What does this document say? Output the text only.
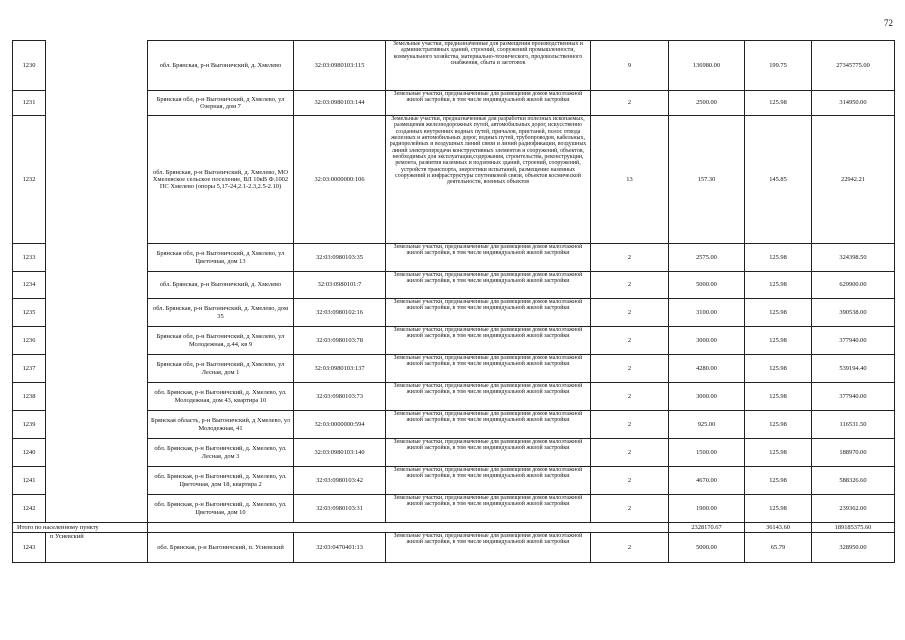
72
1230		обл. Брянская, р-н Выгоничский, д. Хмелево	32:03:0980103:115	Земельные участки, предназначенные для размещения производственных и административных зданий, строений, сооружений промышленности, коммунального хозяйства, материально-технического, продовольственного снабжения, сбыта и заготовок	9	136980.00	199.75	27345775.00
1231		Брянская обл, р-н Выгоничский, д Хмелево, ул Озерная, дом 7	32:03:0980103:144	Земельные участки, предназначенные для размещения домов малоэтажной жилой застройки, в том числе индивидуальной жилой застройки	2	2500.00	125.98	314950.00
1232		обл. Брянская, р-н Выгоничский, д. Хмелево, МО Хмелевское сельское поселение, ВЛ 10кВ Ф.1002 ПС Хмелево (опоры 5,17-24,2.1-2.3,2.5-2.10)	32:03:0000000:106	Земельные участки, предназначенные для разработки полезных ископаемых, размещения железнодорожных путей, автомобильных дорог, искусственно созданных внутренних водных путей, причалов, пристаней, полос отвода железных и автомобильных дорог, водных путей, трубопроводов, кабельных, радиорелейных и воздушных линий связи и линий радиофикации, воздушных линий электропередачи конструктивных элементов и сооружений, объектов, необходимых для эксплуатации,содержания, строительства, реконструкции, ремонта, развития наземных и подземных зданий, строений, сооружений, устройств транспорта, энергетики испытаний, размещение наземных сооружений и инфраструктуры спутниковой связи, объектов космической деятельности, военных объектов	13	157.30	145.85	22942.21
1233		Брянская обл, р-н Выгоничский, д Хмелево, ул Цветочная, дом 13	32:03:0980103:35	Земельные участки, предназначенные для размещения домов малоэтажной жилой застройки, в том числе индивидуальной жилой застройки	2	2575.00	125.98	324398.50
1234		обл. Брянская, р-н Выгоничский, д. Хмелево	32:03:0980101:7	Земельные участки, предназначенные для размещения домов малоэтажной жилой застройки, в том числе индивидуальной жилой застройки	2	5000.00	125.98	629900.00
1235		обл. Брянская, р-н Выгоничский, д. Хмелево, дом 35	32:03:0980102:16	Земельные участки, предназначенные для размещения домов малоэтажной жилой застройки, в том числе индивидуальной жилой застройки	2	3100.00	125.98	390538.00
1236		Брянская обл, р-н Выгоничский, д Хмелево, ул Молодежная, д.44, кв 9	32:03:0980103:78	Земельные участки, предназначенные для размещения домов малоэтажной жилой застройки, в том числе индивидуальной жилой застройки	2	3000.00	125.98	377940.00
1237		Брянская обл, р-н Выгоничский, д Хмелево, ул Лесная, дом 1	32:03:0980103:137	Земельные участки, предназначенные для размещения домов малоэтажной жилой застройки, в том числе индивидуальной жилой застройки	2	4280.00	125.98	539194.40
1238		обл. Брянская, р-н Выгоничский, д. Хмелево, ул. Молодежная, дом 43, квартира 10	32:03:0980103:73	Земельные участки, предназначенные для размещения домов малоэтажной жилой застройки, в том числе индивидуальной жилой застройки	2	3000.00	125.98	377940.00
1239		Брянская область, р-н Выгоничский, д Хмелево, ул Молодежная, 41	32:03:0000000:594	Земельные участки, предназначенные для размещения домов малоэтажной жилой застройки, в том числе индивидуальной жилой застройки	2	925.00	125.98	116531.50
1240		обл. Брянская, р-н Выгоничский, д. Хмелево, ул. Лесная, дом 3	32:03:0980103:140	Земельные участки, предназначенные для размещения домов малоэтажной жилой застройки, в том числе индивидуальной жилой застройки	2	1500.00	125.98	188970.00
1241		обл. Брянская, р-н Выгоничский, д. Хмелево, ул. Цветочная, дом 18, квартира 2	32:03:0980103:42	Земельные участки, предназначенные для размещения домов малоэтажной жилой застройки, в том числе индивидуальной жилой застройки	2	4670.00	125.98	588326.60
1242		обл. Брянская, р-н Выгоничский, д. Хмелево, ул. Цветочная, дом 10	32:03:0980103:31	Земельные участки, предназначенные для размещения домов малоэтажной жилой застройки, в том числе индивидуальной жилой застройки	2	1900.00	125.98	239362.00
Итого по населенному пункту						2328170.67	36143.60	189185375.60
1243	п Усиевский	обл. Брянская, р-н Выгоничский, п. Усиевский	32:03:0470401:13	Земельные участки, предназначенные для размещения домов малоэтажной жилой застройки, в том числе индивидуальной жилой застройки	2	5000.00	65.79	328950.00
